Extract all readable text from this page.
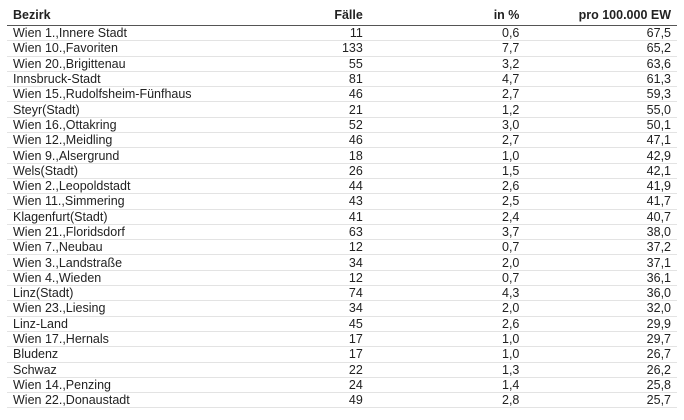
Bezirk	Fälle	in %	pro 100.000 EW
Wien 1.,Innere Stadt	11	0,6	67,5
Wien 10.,Favoriten	133	7,7	65,2
Wien 20.,Brigittenau	55	3,2	63,6
Innsbruck-Stadt	81	4,7	61,3
Wien 15.,Rudolfsheim-Fünfhaus	46	2,7	59,3
Steyr(Stadt)	21	1,2	55,0
Wien 16.,Ottakring	52	3,0	50,1
Wien 12.,Meidling	46	2,7	47,1
Wien 9.,Alsergrund	18	1,0	42,9
Wels(Stadt)	26	1,5	42,1
Wien 2.,Leopoldstadt	44	2,6	41,9
Wien 11.,Simmering	43	2,5	41,7
Klagenfurt(Stadt)	41	2,4	40,7
Wien 21.,Floridsdorf	63	3,7	38,0
Wien 7.,Neubau	12	0,7	37,2
Wien 3.,Landstraße	34	2,0	37,1
Wien 4.,Wieden	12	0,7	36,1
Linz(Stadt)	74	4,3	36,0
Wien 23.,Liesing	34	2,0	32,0
Linz-Land	45	2,6	29,9
Wien 17.,Hernals	17	1,0	29,7
Bludenz	17	1,0	26,7
Schwaz	22	1,3	26,2
Wien 14.,Penzing	24	1,4	25,8
Wien 22.,Donaustadt	49	2,8	25,7
